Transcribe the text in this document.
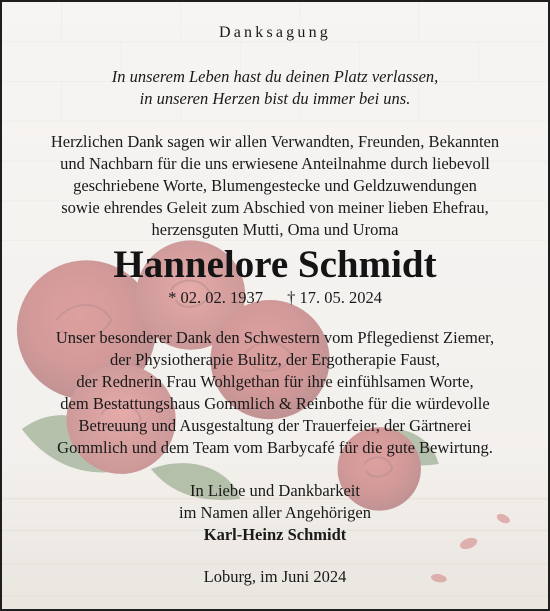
Danksagung
In unserem Leben hast du deinen Platz verlassen,
in unseren Herzen bist du immer bei uns.
Herzlichen Dank sagen wir allen Verwandten, Freunden, Bekannten
und Nachbarn für die uns erwiesene Anteilnahme durch liebevoll
geschriebene Worte, Blumengestecke und Geldzuwendungen
sowie ehrendes Geleit zum Abschied von meiner lieben Ehefrau,
herzensguten Mutti, Oma und Uroma
Hannelore Schmidt
* 02. 02. 1937 † 17. 05. 2024
Unser besonderer Dank den Schwestern vom Pflegedienst Ziemer,
der Physiotherapie Bulitz, der Ergotherapie Faust,
der Rednerin Frau Wohlgethan für ihre einfühlsamen Worte,
dem Bestattungshaus Gommlich & Reinbothe für die würdevolle
Betreuung und Ausgestaltung der Trauerfeier, der Gärtnerei
Gommlich und dem Team vom Barbycafé für die gute Bewirtung.
In Liebe und Dankbarkeit
im Namen aller Angehörigen
Karl-Heinz Schmidt
Loburg, im Juni 2024
